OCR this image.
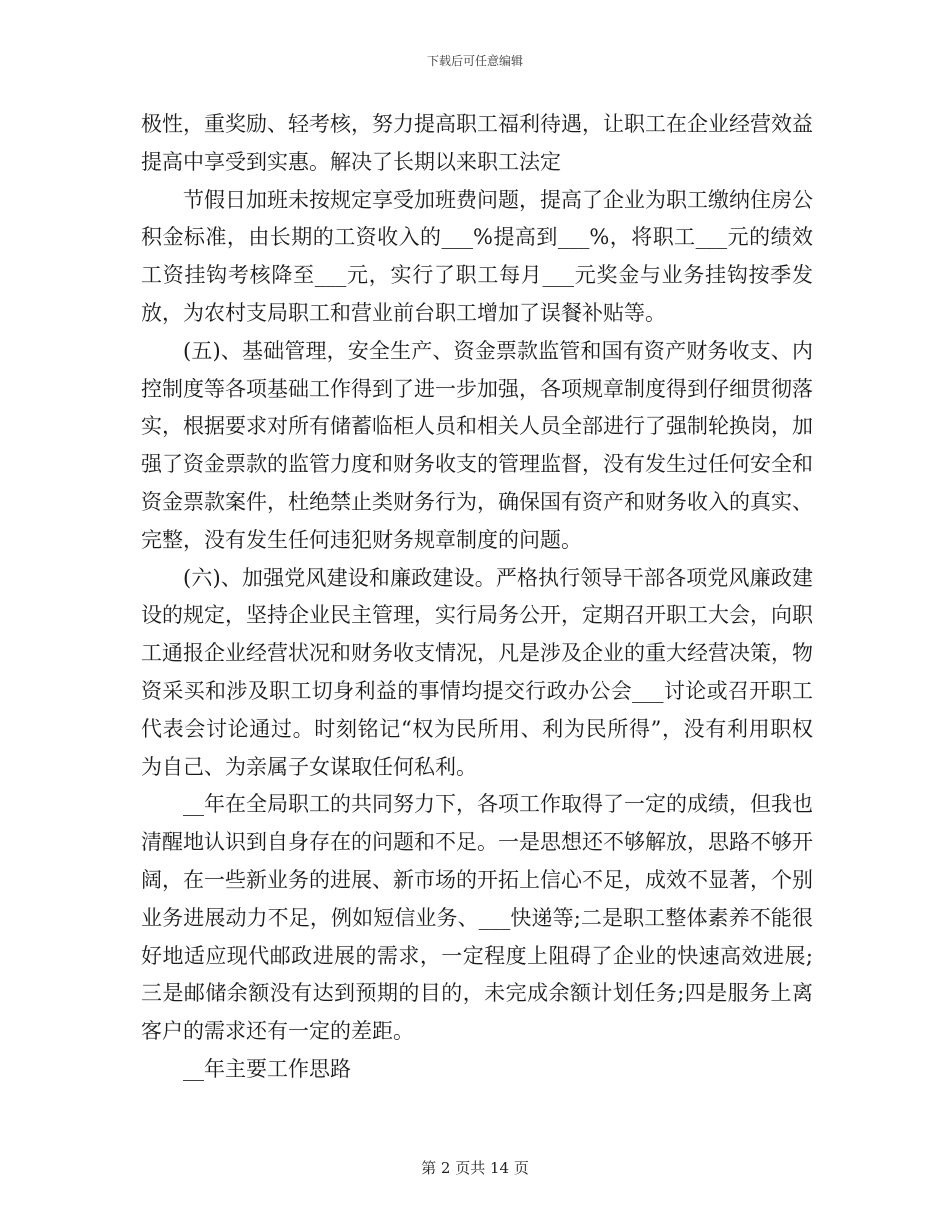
下载后可任意编辑

极性，重奖励、轻考核，努力提高职工福利待遇，让职工在企业经营效益提高中享受到实惠。解决了长期以来职工法定

节假日加班未按规定享受加班费问题，提高了企业为职工缴纳住房公积金标准，由长期的工资收入的___%提高到___%，将职工___元的绩效工资挂钩考核降至___元，实行了职工每月___元奖金与业务挂钩按季发放，为农村支局职工和营业前台职工增加了误餐补贴等。

(五)、基础管理，安全生产、资金票款监管和国有资产财务收支、内控制度等各项基础工作得到了进一步加强，各项规章制度得到仔细贯彻落实，根据要求对所有储蓄临柜人员和相关人员全部进行了强制轮换岗，加强了资金票款的监管力度和财务收支的管理监督，没有发生过任何安全和资金票款案件，杜绝禁止类财务行为，确保国有资产和财务收入的真实、完整，没有发生任何违犯财务规章制度的问题。

(六)、加强党风建设和廉政建设。严格执行领导干部各项党风廉政建设的规定，坚持企业民主管理，实行局务公开，定期召开职工大会，向职工通报企业经营状况和财务收支情况，凡是涉及企业的重大经营决策，物资采买和涉及职工切身利益的事情均提交行政办公会___讨论或召开职工代表会讨论通过。时刻铭记“权为民所用、利为民所得”，没有利用职权为自己、为亲属子女谋取任何私利。

__年在全局职工的共同努力下，各项工作取得了一定的成绩，但我也清醒地认识到自身存在的问题和不足。一是思想还不够解放，思路不够开阔，在一些新业务的进展、新市场的开拓上信心不足，成效不显著，个别业务进展动力不足，例如短信业务、___快递等;二是职工整体素养不能很好地适应现代邮政进展的需求，一定程度上阻碍了企业的快速高效进展;三是邮储余额没有达到预期的目的，未完成余额计划任务;四是服务上离客户的需求还有一定的差距。

__年主要工作思路

第 2 页共 14 页
